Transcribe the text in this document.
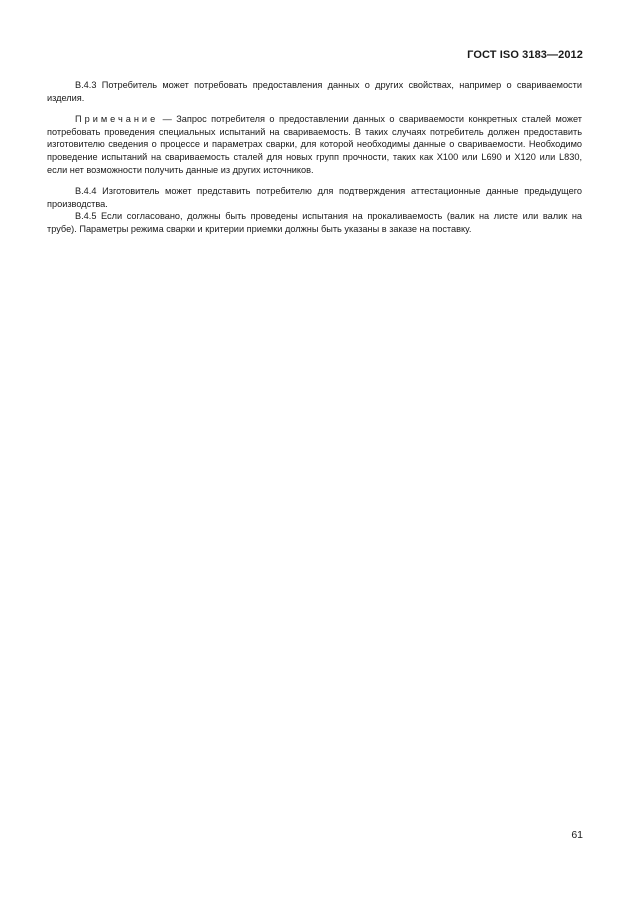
ГОСТ ISO 3183—2012

В.4.3 Потребитель может потребовать предоставления данных о других свойствах, например о свариваемости изделия.

Примечание — Запрос потребителя о предоставлении данных о свариваемости конкретных сталей может потребовать проведения специальных испытаний на свариваемость. В таких случаях потребитель должен предоставить изготовителю сведения о процессе и параметрах сварки, для которой необходимы данные о свариваемости. Необходимо проведение испытаний на свариваемость сталей для новых групп прочности, таких как X100 или L690 и X120 или L830, если нет возможности получить данные из других источников.

В.4.4 Изготовитель может представить потребителю для подтверждения аттестационные данные предыдущего производства.

В.4.5 Если согласовано, должны быть проведены испытания на прокаливаемость (валик на листе или валик на трубе). Параметры режима сварки и критерии приемки должны быть указаны в заказе на поставку.

61
